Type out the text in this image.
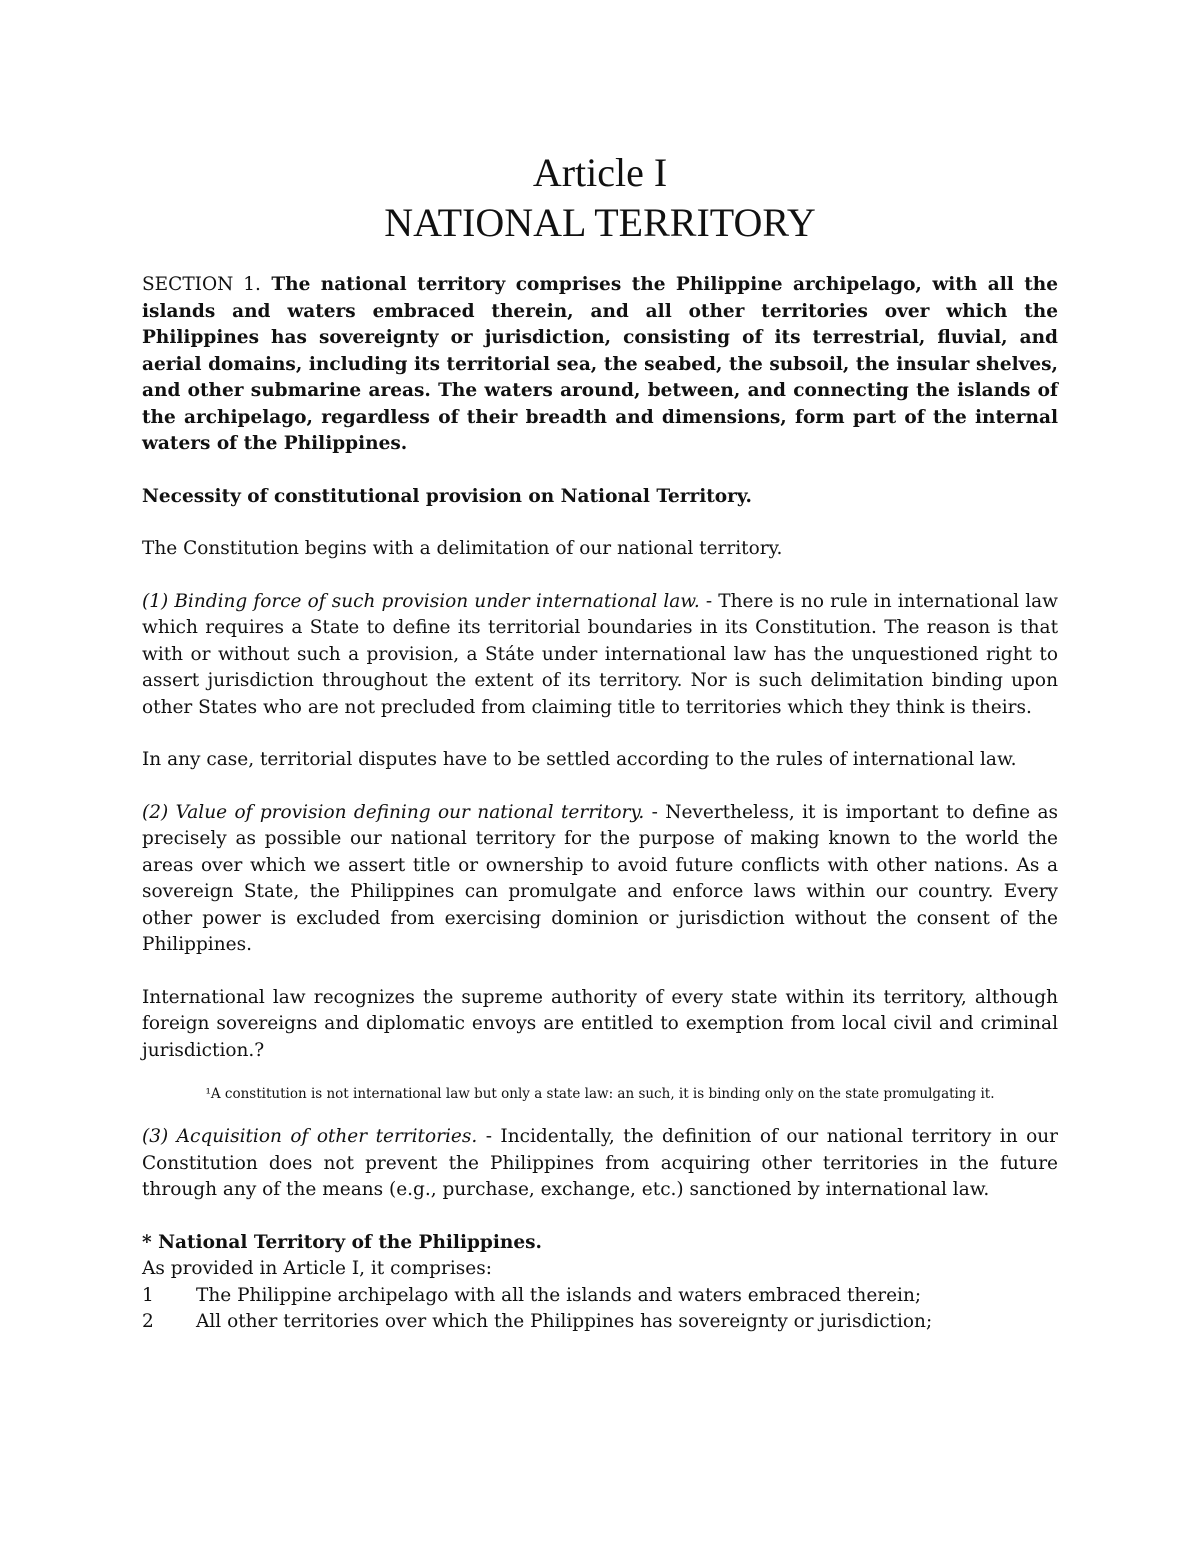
Article I
NATIONAL TERRITORY
SECTION 1. The national territory comprises the Philippine archipelago, with all the islands and waters embraced therein, and all other territories over which the Philippines has sovereignty or jurisdiction, consisting of its terrestrial, fluvial, and aerial domains, including its territorial sea, the seabed, the subsoil, the insular shelves, and other submarine areas. The waters around, between, and connecting the islands of the archipelago, regardless of their breadth and dimensions, form part of the internal waters of the Philippines.
Necessity of constitutional provision on National Territory.

The Constitution begins with a delimitation of our national territory.

(1) Binding force of such provision under international law. - There is no rule in international law which requires a State to define its territorial boundaries in its Constitution. The reason is that with or without such a provision, a Státe under international law has the unquestioned right to assert jurisdiction throughout the extent of its territory. Nor is such delimitation binding upon other States who are not precluded from claiming title to territories which they think is theirs.

In any case, territorial disputes have to be settled according to the rules of international law.

(2) Value of provision defining our national territory. - Nevertheless, it is important to define as precisely as possible our national territory for the purpose of making known to the world the areas over which we assert title or ownership to avoid future conflicts with other nations. As a sovereign State, the Philippines can promulgate and enforce laws within our country. Every other power is excluded from exercising dominion or jurisdiction without the consent of the Philippines.

International law recognizes the supreme authority of every state within its territory, although foreign sovereigns and diplomatic envoys are entitled to exemption from local civil and criminal jurisdiction.?

¹A constitution is not international law but only a state law: an such, it is binding only on the state promulgating it.

(3) Acquisition of other territories. - Incidentally, the definition of our national territory in our Constitution does not prevent the Philippines from acquiring other territories in the future through any of the means (e.g., purchase, exchange, etc.) sanctioned by international law.

* National Territory of the Philippines.

As provided in Article I, it comprises:

1	The Philippine archipelago with all the islands and waters embraced therein;
2	All other territories over which the Philippines has sovereignty or jurisdiction;
